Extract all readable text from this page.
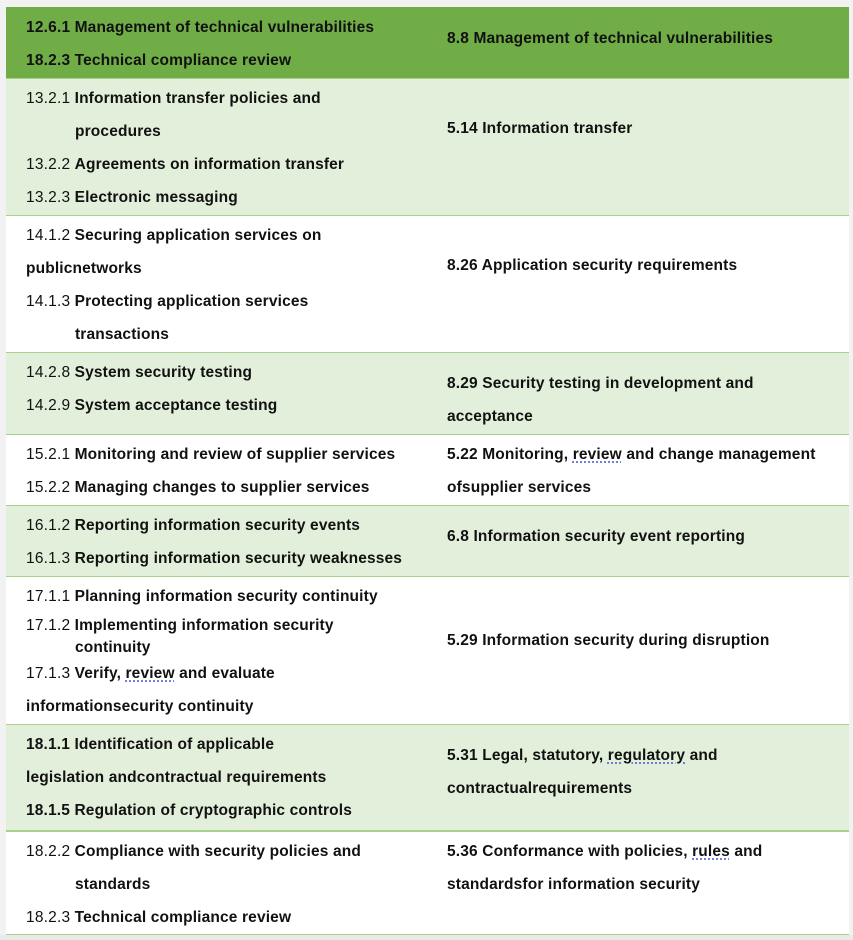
12.6.1 Management of technical vulnerabilities
18.2.3 Technical compliance review
8.8 Management of technical vulnerabilities
13.2.1 Information transfer policies and
procedures
13.2.2 Agreements on information transfer
13.2.3 Electronic messaging
5.14 Information transfer
14.1.2 Securing application services on
publicnetworks
14.1.3 Protecting application services
transactions
8.26 Application security requirements
14.2.8 System security testing
14.2.9 System acceptance testing
8.29 Security testing in development and
acceptance
15.2.1 Monitoring and review of supplier services
15.2.2 Managing changes to supplier services
5.22 Monitoring, review and change management
ofsupplier services
16.1.2 Reporting information security events
16.1.3 Reporting information security weaknesses
6.8 Information security event reporting
17.1.1 Planning information security continuity
17.1.2 Implementing information security
continuity
17.1.3 Verify, review and evaluate
informationsecurity continuity
5.29 Information security during disruption
18.1.1 Identification of applicable
legislation andcontractual requirements
18.1.5 Regulation of cryptographic controls
5.31 Legal, statutory, regulatory and
contractualrequirements
18.2.2 Compliance with security policies and
standards
18.2.3 Technical compliance review
5.36 Conformance with policies, rules and
standardsfor information security
